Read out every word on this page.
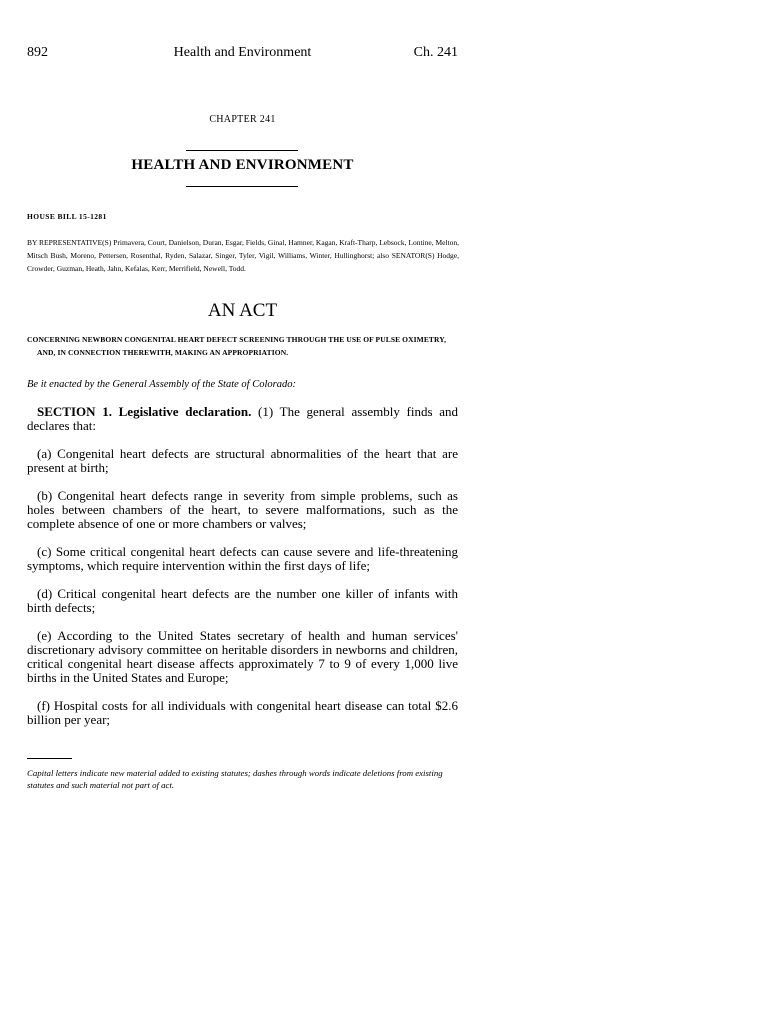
892	Health and Environment	Ch. 241
CHAPTER 241
HEALTH AND ENVIRONMENT
HOUSE BILL 15-1281
BY REPRESENTATIVE(S) Primavera, Court, Danielson, Duran, Esgar, Fields, Ginal, Hamner, Kagan, Kraft-Tharp, Lebsock, Lontine, Melton, Mitsch Bush, Moreno, Pettersen, Rosenthal, Ryden, Salazar, Singer, Tyler, Vigil, Williams, Winter, Hullinghorst; also SENATOR(S) Hodge, Crowder, Guzman, Heath, Jahn, Kefalas, Kerr, Merrifield, Newell, Todd.
AN ACT
CONCERNING NEWBORN CONGENITAL HEART DEFECT SCREENING THROUGH THE USE OF PULSE OXIMETRY, AND, IN CONNECTION THEREWITH, MAKING AN APPROPRIATION.
Be it enacted by the General Assembly of the State of Colorado:
SECTION 1. Legislative declaration. (1) The general assembly finds and declares that:
(a) Congenital heart defects are structural abnormalities of the heart that are present at birth;
(b) Congenital heart defects range in severity from simple problems, such as holes between chambers of the heart, to severe malformations, such as the complete absence of one or more chambers or valves;
(c) Some critical congenital heart defects can cause severe and life-threatening symptoms, which require intervention within the first days of life;
(d) Critical congenital heart defects are the number one killer of infants with birth defects;
(e) According to the United States secretary of health and human services' discretionary advisory committee on heritable disorders in newborns and children, critical congenital heart disease affects approximately 7 to 9 of every 1,000 live births in the United States and Europe;
(f) Hospital costs for all individuals with congenital heart disease can total $2.6 billion per year;
Capital letters indicate new material added to existing statutes; dashes through words indicate deletions from existing statutes and such material not part of act.
